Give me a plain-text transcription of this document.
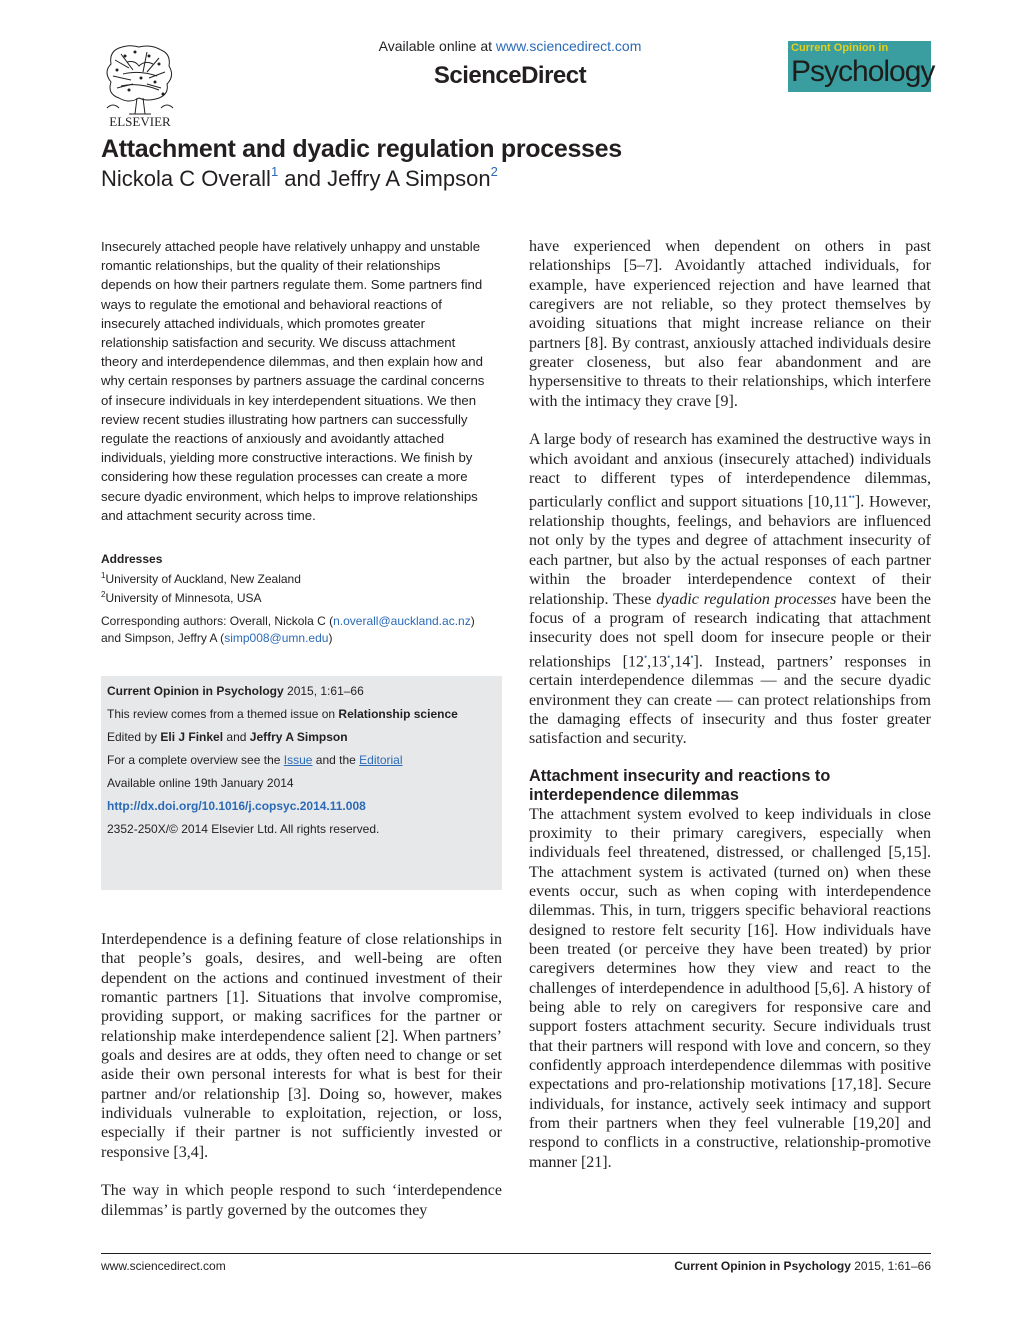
ELSEVIER
Available online at www.sciencedirect.com
ScienceDirect
Current Opinion in
Psychology
Attachment and dyadic regulation processes
Nickola C Overall$^1$ and Jeffry A Simpson$^2$

Insecurely attached people have relatively unhappy and unstable romantic relationships, but the quality of their relationships depends on how their partners regulate them. Some partners find ways to regulate the emotional and behavioral reactions of insecurely attached individuals, which promotes greater relationship satisfaction and security. We discuss attachment theory and interdependence dilemmas, and then explain how and why certain responses by partners assuage the cardinal concerns of insecure individuals in key interdependent situations. We then review recent studies illustrating how partners can successfully regulate the reactions of anxiously and avoidantly attached individuals, yielding more constructive interactions. We finish by considering how these regulation processes can create a more secure dyadic environment, which helps to improve relationships and attachment security across time.

Addresses
$^1$University of Auckland, New Zealand
$^2$University of Minnesota, USA
Corresponding authors: Overall, Nickola C (n.overall@auckland.ac.nz)
and Simpson, Jeffry A (simp008@umn.edu)
Current Opinion in Psychology 2015, 1:61–66
This review comes from a themed issue on Relationship science
Edited by Eli J Finkel and Jeffry A Simpson
For a complete overview see the Issue and the Editorial
Available online 19th January 2014
http://dx.doi.org/10.1016/j.copsyc.2014.11.008
2352-250X/© 2014 Elsevier Ltd. All rights reserved.

Interdependence is a defining feature of close relationships in that people’s goals, desires, and well-being are often dependent on the actions and continued investment of their romantic partners [1]. Situations that involve compromise, providing support, or making sacrifices for the partner or relationship make interdependence salient [2]. When partners’ goals and desires are at odds, they often need to change or set aside their own personal interests for what is best for their partner and/or relationship [3]. Doing so, however, makes individuals vulnerable to exploitation, rejection, or loss, especially if their partner is not sufficiently invested or responsive [3,4].

The way in which people respond to such ‘interdependence dilemmas’ is partly governed by the outcomes they

have experienced when dependent on others in past relationships [5–7]. Avoidantly attached individuals, for example, have experienced rejection and have learned that caregivers are not reliable, so they protect themselves by avoiding situations that might increase reliance on their partners [8]. By contrast, anxiously attached individuals desire greater closeness, but also fear abandonment and are hypersensitive to threats to their relationships, which interfere with the intimacy they crave [9].

A large body of research has examined the destructive ways in which avoidant and anxious (insecurely attached) individuals react to different types of interdependence dilemmas, particularly conflict and support situations [10,11••]. However, relationship thoughts, feelings, and behaviors are influenced not only by the types and degree of attachment insecurity of each partner, but also by the actual responses of each partner within the broader interdependence context of their relationship. These dyadic regulation processes have been the focus of a program of research indicating that attachment insecurity does not spell doom for insecure people or their relationships [12•,13•,14•]. Instead, partners’ responses in certain interdependence dilemmas — and the secure dyadic environment they can create — can protect relationships from the damaging effects of insecurity and thus foster greater satisfaction and security.

Attachment insecurity and reactions to interdependence dilemmas

The attachment system evolved to keep individuals in close proximity to their primary caregivers, especially when individuals feel threatened, distressed, or challenged [5,15]. The attachment system is activated (turned on) when these events occur, such as when coping with interdependence dilemmas. This, in turn, triggers specific behavioral reactions designed to restore felt security [16]. How individuals have been treated (or perceive they have been treated) by prior caregivers determines how they view and react to the challenges of interdependence in adulthood [5,6]. A history of being able to rely on caregivers for responsive care and support fosters attachment security. Secure individuals trust that their partners will respond with love and concern, so they confidently approach interdependence dilemmas with positive expectations and pro-relationship motivations [17,18]. Secure individuals, for instance, actively seek intimacy and support from their partners when they feel vulnerable [19,20] and respond to conflicts in a constructive, relationship-promotive manner [21].

www.sciencedirect.com	Current Opinion in Psychology 2015, 1:61–66
